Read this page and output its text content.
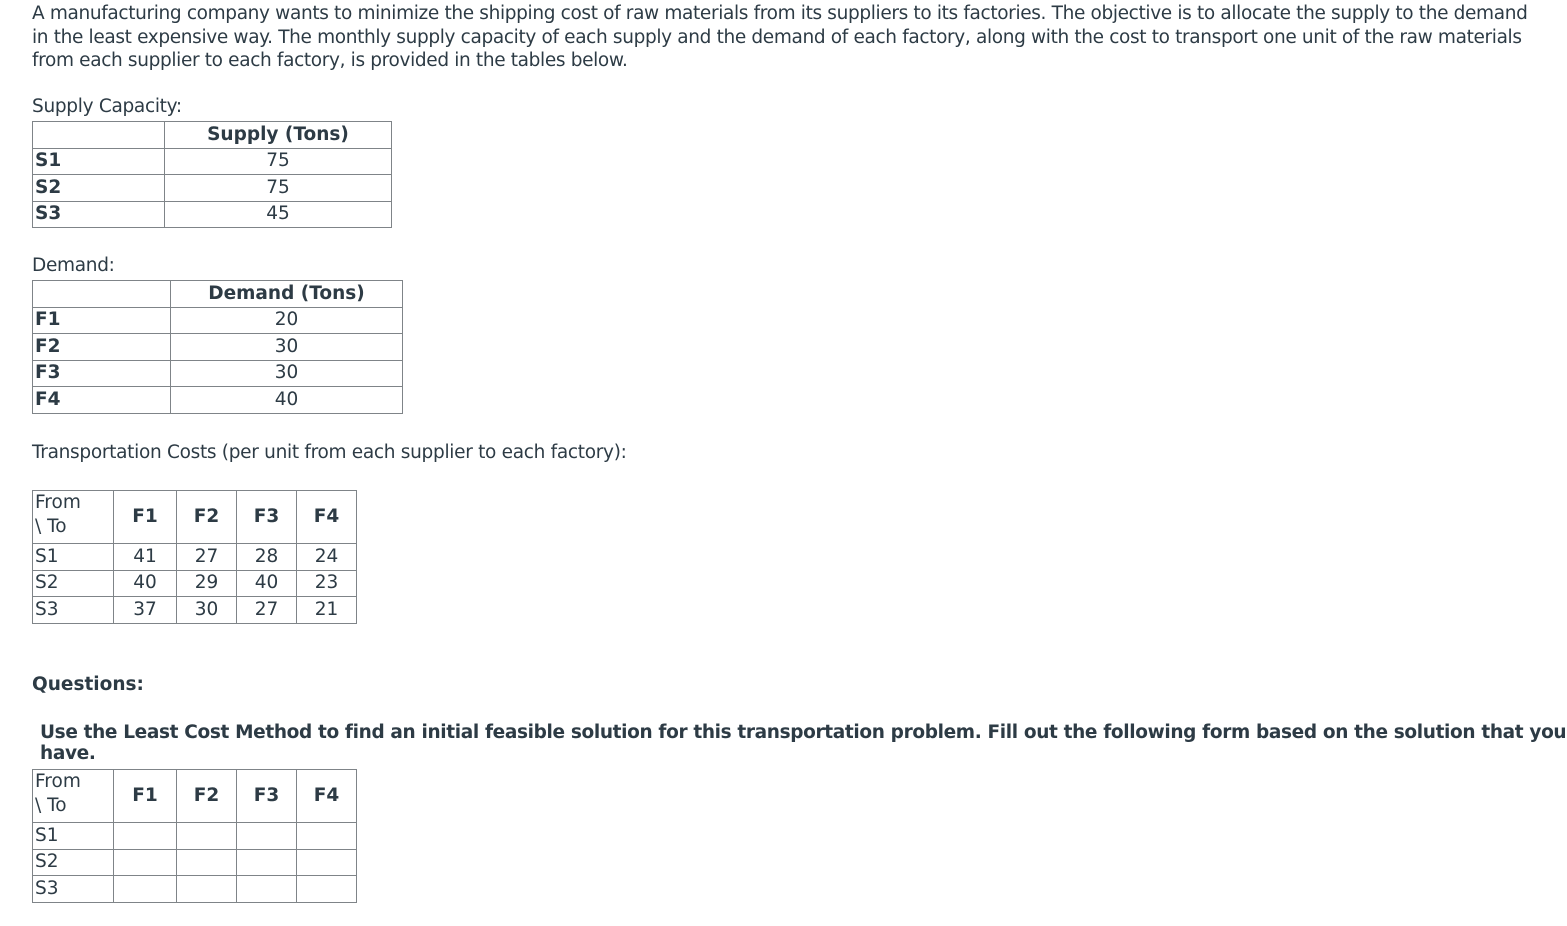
A manufacturing company wants to minimize the shipping cost of raw materials from its suppliers to its factories. The objective is to allocate the supply to the demand in the least expensive way. The monthly supply capacity of each supply and the demand of each factory, along with the cost to transport one unit of the raw materials from each supplier to each factory, is provided in the tables below.

Supply Capacity:

	Supply (Tons)
S1	75
S2	75
S3	45

Demand:

	Demand (Tons)
F1	20
F2	30
F3	30
F4	40

Transportation Costs (per unit from each supplier to each factory):

From
\ To	F1	F2	F3	F4
S1	41	27	28	24
S2	40	29	40	23
S3	37	30	27	21

Questions:

Use the Least Cost Method to find an initial feasible solution for this transportation problem. Fill out the following form based on the solution that you have.

From
\ To	F1	F2	F3	F4
S1				
S2				
S3				
